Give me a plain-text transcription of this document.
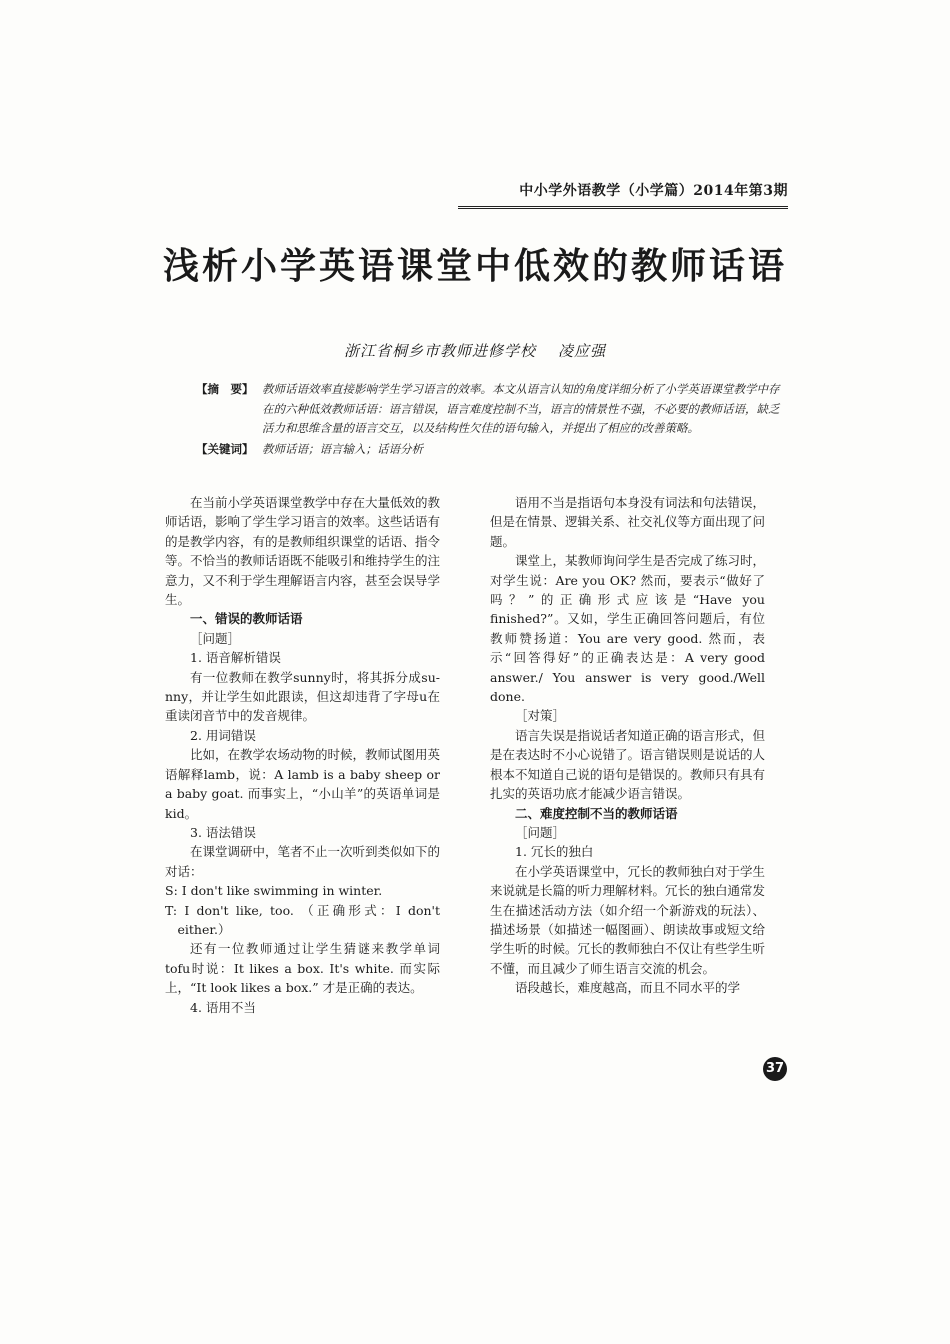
中小学外语教学（小学篇）2014年第3期
浅析小学英语课堂中低效的教师话语
浙江省桐乡市教师进修学校 凌应强
【摘　要】 教师话语效率直接影响学生学习语言的效率。本文从语言认知的角度详细分析了小学英语课堂教学中存在的六种低效教师话语：语言错误，语言难度控制不当，语言的情景性不强，不必要的教师话语，缺乏活力和思维含量的语言交互，以及结构性欠佳的语句输入，并提出了相应的改善策略。
【关键词】 教师话语；语言输入；话语分析

在当前小学英语课堂教学中存在大量低效的教师话语，影响了学生学习语言的效率。这些话语有的是教学内容，有的是教师组织课堂的话语、指令等。不恰当的教师话语既不能吸引和维持学生的注意力，又不利于学生理解语言内容，甚至会误导学生。

一、错误的教师话语

［问题］

1. 语音解析错误

有一位教师在教学sunny时，将其拆分成su-nny，并让学生如此跟读，但这却违背了字母u在重读闭音节中的发音规律。

2. 用词错误

比如，在教学农场动物的时候，教师试图用英语解释lamb，说：A lamb is a baby sheep or a baby goat. 而事实上，“小山羊”的英语单词是kid。

3. 语法错误

在课堂调研中，笔者不止一次听到类似如下的对话：

S: I don't like swimming in winter.

T: I don't like, too. （正确形式：I don't either.）

还有一位教师通过让学生猜谜来教学单词tofu时说：It likes a box. It's white. 而实际上，“It look likes a box.” 才是正确的表达。

4. 语用不当

语用不当是指语句本身没有词法和句法错误，但是在情景、逻辑关系、社交礼仪等方面出现了问题。

课堂上，某教师询问学生是否完成了练习时，对学生说：Are you OK? 然而，要表示“做好了吗？”的正确形式应该是“Have you finished?”。又如，学生正确回答问题后，有位教师赞扬道：You are very good. 然而，表示“回答得好”的正确表达是：A very good answer./ You answer is very good./Well done.

［对策］

语言失误是指说话者知道正确的语言形式，但是在表达时不小心说错了。语言错误则是说话的人根本不知道自己说的语句是错误的。教师只有具有扎实的英语功底才能减少语言错误。

二、难度控制不当的教师话语

［问题］

1. 冗长的独白

在小学英语课堂中，冗长的教师独白对于学生来说就是长篇的听力理解材料。冗长的独白通常发生在描述活动方法（如介绍一个新游戏的玩法）、描述场景（如描述一幅图画）、朗读故事或短文给学生听的时候。冗长的教师独白不仅让有些学生听不懂，而且减少了师生语言交流的机会。

语段越长，难度越高，而且不同水平的学

37
